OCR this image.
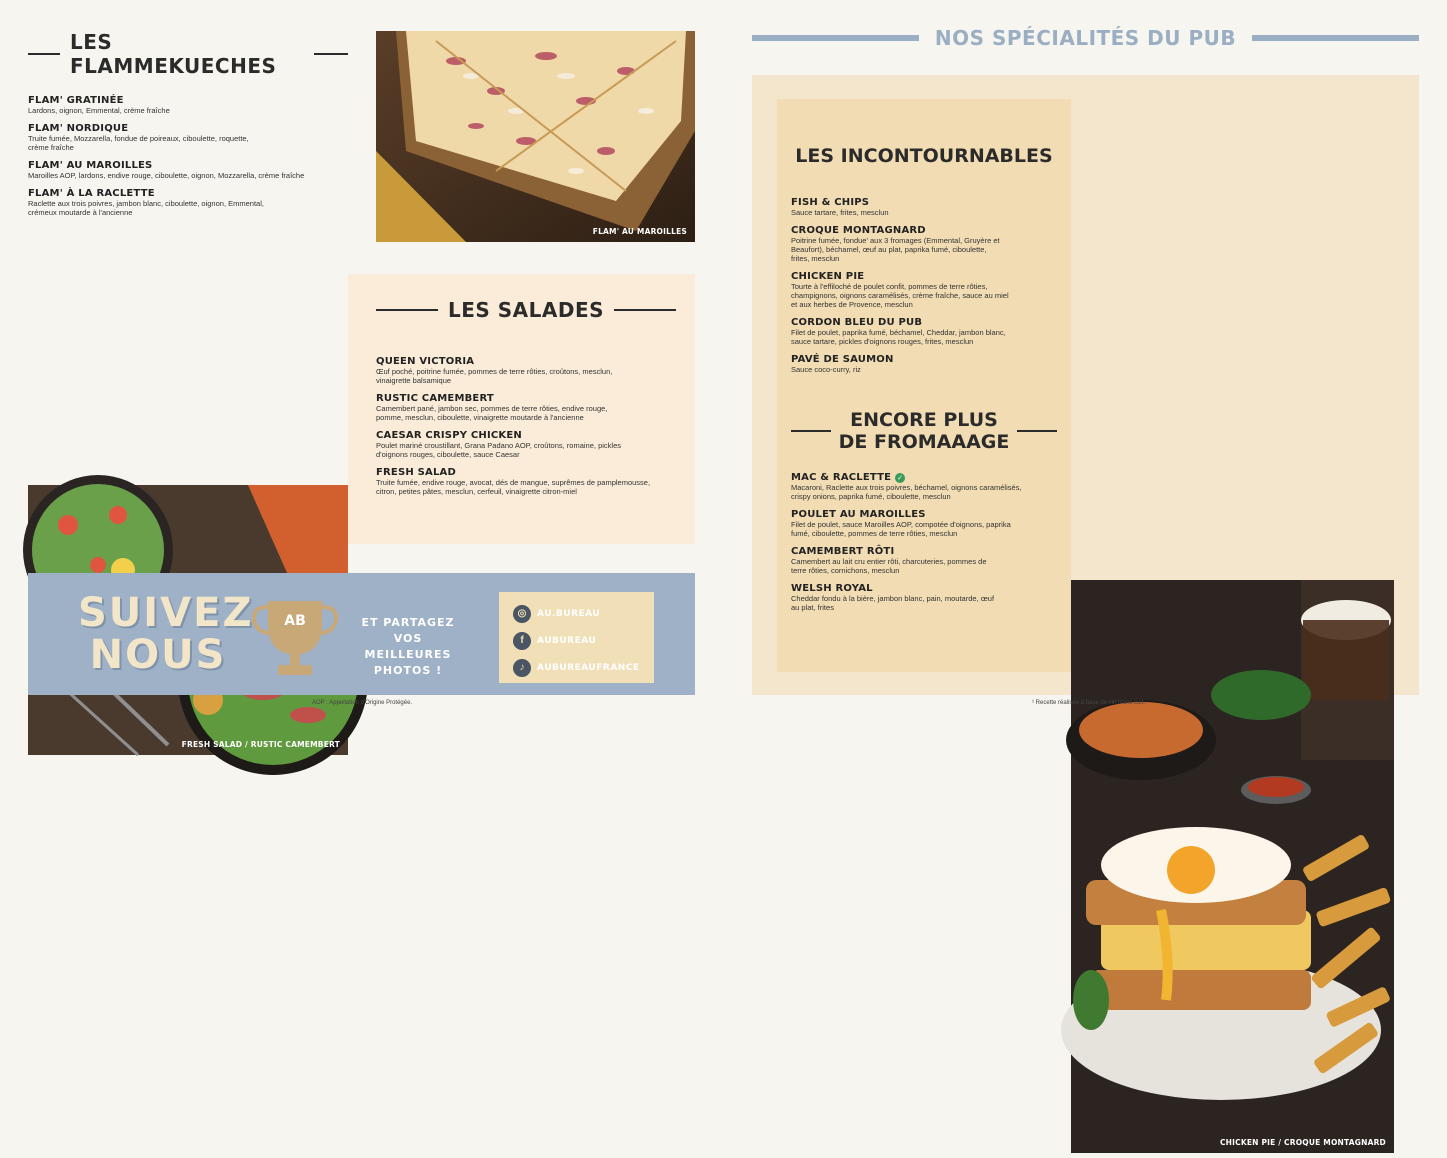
LES FLAMMEKUECHES
FLAM' GRATINÉE
Lardons, oignon, Emmental, crème fraîche
FLAM' NORDIQUE
Truite fumée, Mozzarella, fondue de poireaux, ciboulette, roquette, crème fraîche
FLAM' AU MAROILLES
Maroilles AOP, lardons, endive rouge, ciboulette, oignon, Mozzarella, crème fraîche
FLAM' À LA RACLETTE
Raclette aux trois poivres, jambon blanc, ciboulette, oignon, Emmental, crémeux moutarde à l'ancienne
FLAM' AU MAROILLES
FRESH SALAD / RUSTIC CAMEMBERT
LES SALADES
QUEEN VICTORIA
Œuf poché, poitrine fumée, pommes de terre rôties, croûtons, mesclun, vinaigrette balsamique
RUSTIC CAMEMBERT
Camembert pané, jambon sec, pommes de terre rôties, endive rouge, pomme, mesclun, ciboulette, vinaigrette moutarde à l'ancienne
CAESAR CRISPY CHICKEN
Poulet mariné croustillant, Grana Padano AOP, croûtons, romaine, pickles d'oignons rouges, ciboulette, sauce Caesar
FRESH SALAD
Truite fumée, endive rouge, avocat, dés de mangue, suprêmes de pamplemousse, citron, petites pâtes, mesclun, cerfeuil, vinaigrette citron-miel
SUIVEZ
NOUS
AB	ET PARTAGEZ
VOS MEILLEURES
PHOTOS !
◎	AU.BUREAU
f	AUBUREAU
♪	AUBUREAUFRANCE
AOP : Appellation d'Origine Protégée.
NOS SPÉCIALITÉS DU PUB
LES INCONTOURNABLES
FISH & CHIPS
Sauce tartare, frites, mesclun
CROQUE MONTAGNARD
Poitrine fumée, fondue' aux 3 fromages (Emmental, Gruyère et Beaufort), béchamel, œuf au plat, paprika fumé, ciboulette, frites, mesclun
CHICKEN PIE
Tourte à l'effiloché de poulet confit, pommes de terre rôties, champignons, oignons caramélisés, crème fraîche, sauce au miel et aux herbes de Provence, mesclun
CORDON BLEU DU PUB
Filet de poulet, paprika fumé, béchamel, Cheddar, jambon blanc, sauce tartare, pickles d'oignons rouges, frites, mesclun
PAVÉ DE SAUMON
Sauce coco-curry, riz
ENCORE PLUS
DE FROMAAAGE
MAC & RACLETTE ✓
Macaroni, Raclette aux trois poivres, béchamel, oignons caramélisés, crispy onions, paprika fumé, ciboulette, mesclun
POULET AU MAROILLES
Filet de poulet, sauce Maroilles AOP, compotée d'oignons, paprika fumé, ciboulette, pommes de terre rôties, mesclun
CAMEMBERT RÔTI
Camembert au lait cru entier rôti, charcuteries, pommes de terre rôties, cornichons, mesclun
WELSH ROYAL
Cheddar fondu à la bière, jambon blanc, pain, moutarde, œuf au plat, frites
CHICKEN PIE / CROQUE MONTAGNARD
¹ Recette réalisée à base de vin blanc cuit.
